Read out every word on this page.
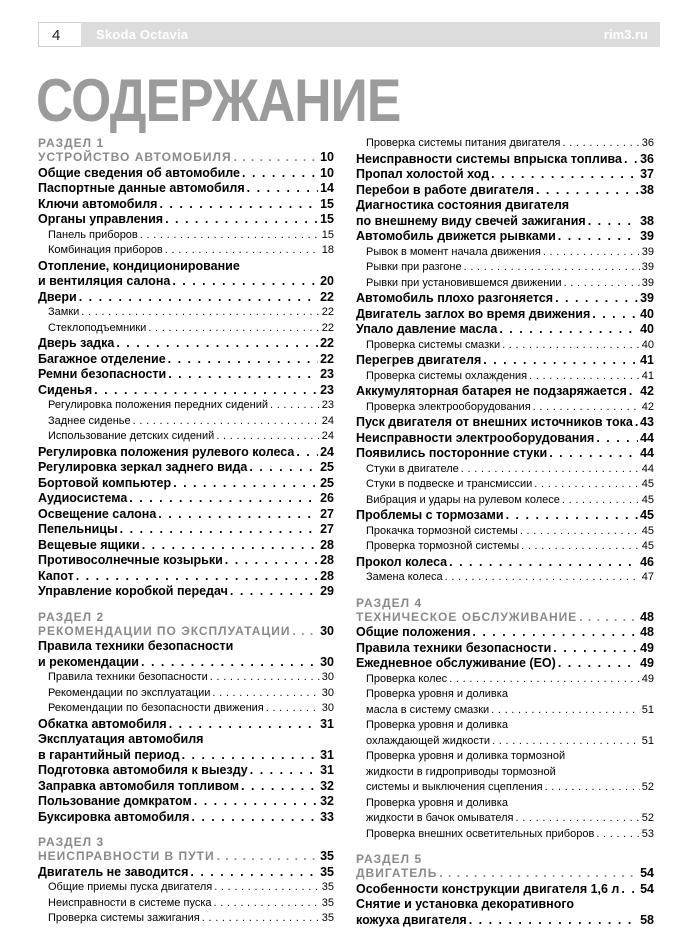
4	Skoda Octavia	rim3.ru
СОДЕРЖАНИЕ
РАЗДЕЛ 1
УСТРОЙСТВО АВТОМОБИЛЯ . . .	10
Общие сведения об автомобиле . . .	10
Паспортные данные автомобиля . . .	14
Ключи автомобиля . . .	15
Органы управления . . .	15
Панель приборов . . .	15
Комбинация приборов . . .	18
Отопление, кондиционирование
и вентиляция салона . . .	20
Двери . . .	22
Замки . . .	22
Стеклоподъемники . . .	22
Дверь задка . . .	22
Багажное отделение . . .	22
Ремни безопасности . . .	23
Сиденья . . .	23
Регулировка положения передних сидений . . .	23
Заднее сиденье . . .	24
Использование детских сидений . . .	24
Регулировка положения рулевого колеса . . . 24
Регулировка зеркал заднего вида . . .	25
Бортовой компьютер . . .	25
Аудиосистема . . .	26
Освещение салона . . .	27
Пепельницы . . .	27
Вещевые ящики . . .	28
Противосолнечные козырьки . . .	28
Капот . . .	28
Управление коробкой передач . . .	29
РАЗДЕЛ 2
РЕКОМЕНДАЦИИ ПО ЭКСПЛУАТАЦИИ . . . 30
Правила техники безопасности
и рекомендации . . .	30
Правила техники безопасности . . .	30
Рекомендации по эксплуатации . . .	30
Рекомендации по безопасности движения . . .	30
Обкатка автомобиля . . .	31
Эксплуатация автомобиля
в гарантийный период . . .	31
Подготовка автомобиля к выезду . . .	31
Заправка автомобиля топливом . . .	32
Пользование домкратом . . .	32
Буксировка автомобиля . . .	33
РАЗДЕЛ 3
НЕИСПРАВНОСТИ В ПУТИ . . .	35
Двигатель не заводится . . .	35
Общие приемы пуска двигателя . . .	35
Неисправности в системе пуска . . .	35
Проверка системы зажигания . . .	35
Проверка системы питания двигателя . . .	36
Неисправности системы впрыска топлива . . . 36
Пропал холостой ход . . .	37
Перебои в работе двигателя . . .	38
Диагностика состояния двигателя
по внешнему виду свечей зажигания . . .	38
Автомобиль движется рывками . . .	39
Рывок в момент начала движения . . .	39
Рывки при разгоне . . .	39
Рывки при установившемся движении . . .	39
Автомобиль плохо разгоняется . . .	39
Двигатель заглох во время движения . . .	40
Упало давление масла . . .	40
Проверка системы смазки . . .	40
Перегрев двигателя . . .	41
Проверка системы охлаждения . . .	41
Аккумуляторная батарея не подзаряжается . . . 42
Проверка электрооборудования . . .	42
Пуск двигателя от внешних источников тока . . . 43
Неисправности электрооборудования . . .	44
Появились посторонние стуки . . .	44
Стуки в двигателе . . .	44
Стуки в подвеске и трансмиссии . . .	45
Вибрация и удары на рулевом колесе . . .	45
Проблемы с тормозами . . .	45
Прокачка тормозной системы . . .	45
Проверка тормозной системы . . .	45
Прокол колеса . . .	46
Замена колеса . . .	47
РАЗДЕЛ 4
ТЕХНИЧЕСКОЕ ОБСЛУЖИВАНИЕ . . .	48
Общие положения . . .	48
Правила техники безопасности . . .	49
Ежедневное обслуживание (ЕО) . . .	49
Проверка колес . . .	49
Проверка уровня и доливка
масла в систему смазки . . .	51
Проверка уровня и доливка
охлаждающей жидкости . . .	51
Проверка уровня и доливка тормозной
жидкости в гидроприводы тормозной
системы и выключения сцепления . . .	52
Проверка уровня и доливка
жидкости в бачок омывателя . . .	52
Проверка внешних осветительных приборов . . .	53
РАЗДЕЛ 5
ДВИГАТЕЛЬ . . .	54
Особенности конструкции двигателя 1,6 л . . . 54
Снятие и установка декоративного
кожуха двигателя . . .	58
